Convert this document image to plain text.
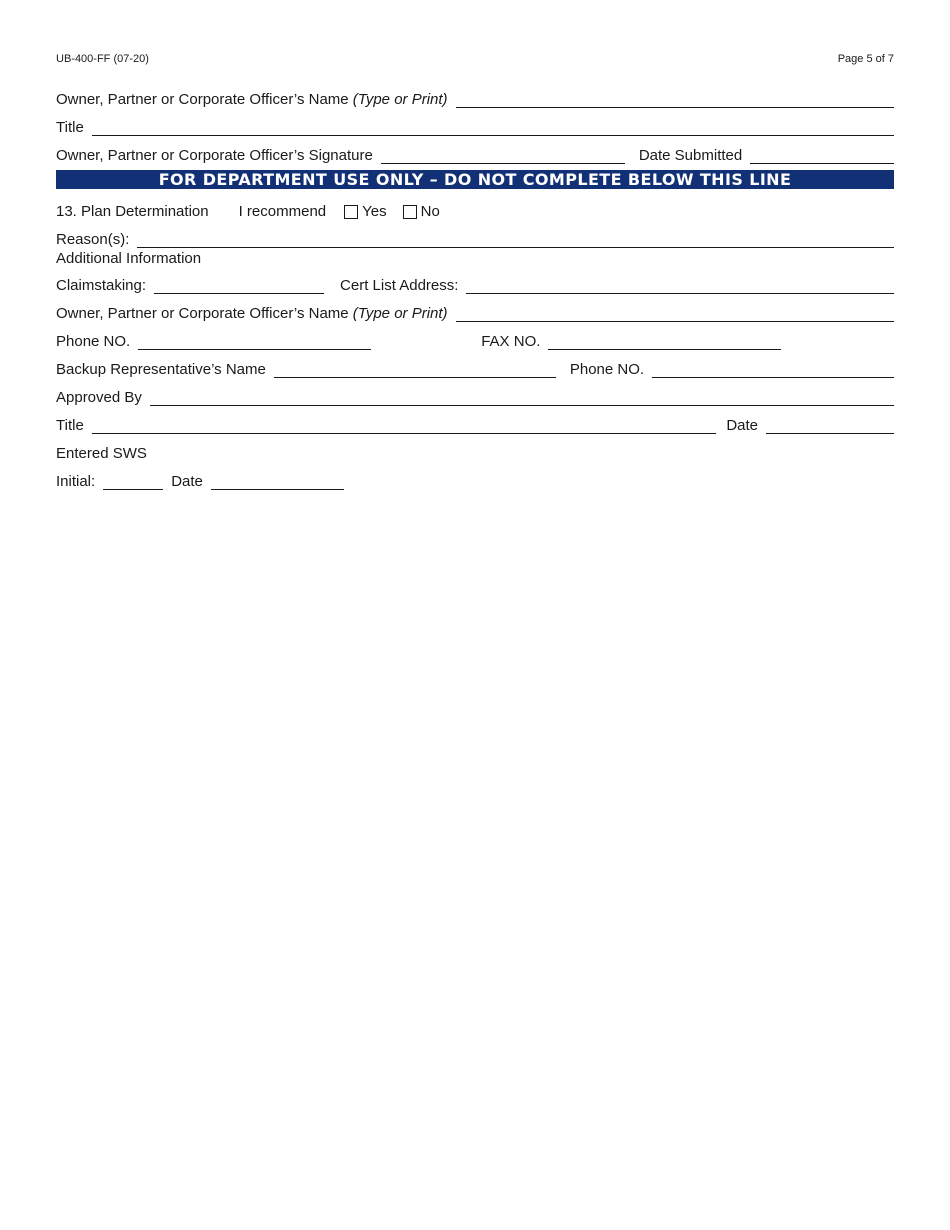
UB-400-FF (07-20)	Page 5 of 7
Owner, Partner or Corporate Officer’s Name (Type or Print)
Title
Owner, Partner or Corporate Officer’s Signature	Date Submitted
FOR DEPARTMENT USE ONLY – DO NOT COMPLETE BELOW THIS LINE
13. Plan Determination I recommend Yes No
Reason(s):
Additional Information
Claimstaking:	Cert List Address:
Owner, Partner or Corporate Officer’s Name (Type or Print)
Phone NO.	FAX NO.
Backup Representative’s Name	Phone NO.
Approved By
Title	Date
Entered SWS
Initial:	Date
